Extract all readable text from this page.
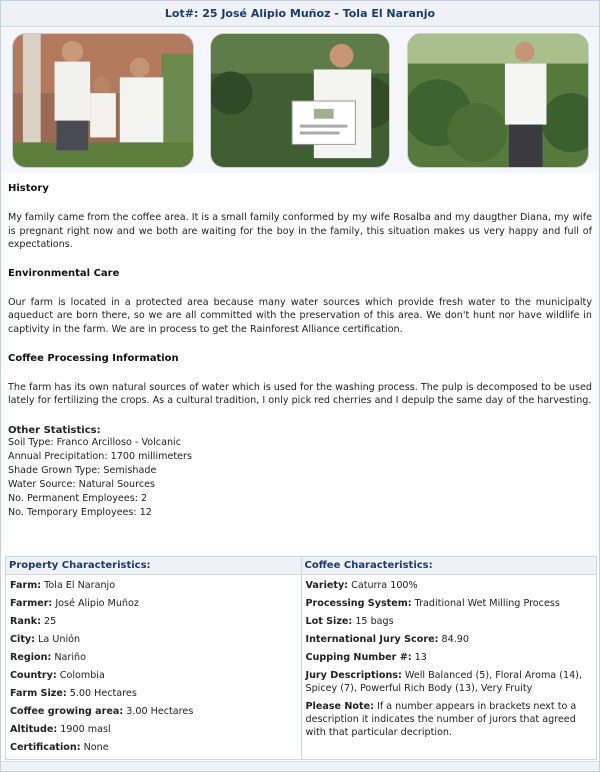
Lot#: 25 José Alipio Muñoz - Tola El Naranjo
History
My family came from the coffee area. It is a small family conformed by my wife Rosalba and my daugther Diana, my wife is pregnant right now and we both are waiting for the boy in the family, this situation makes us very happy and full of expectations.
Environmental Care
Our farm is located in a protected area because many water sources which provide fresh water to the municipalty aqueduct are born there, so we are all committed with the preservation of this area. We don't hunt nor have wildlife in captivity in the farm. We are in process to get the Rainforest Alliance certification.
Coffee Processing Information
The farm has its own natural sources of water which is used for the washing process. The pulp is decomposed to be used lately for fertilizing the crops. As a cultural tradition, I only pick red cherries and I depulp the same day of the harvesting.
Other Statistics:
Soil Type: Franco Arcilloso - Volcanic
Annual Precipitation: 1700 millimeters
Shade Grown Type: Semishade
Water Source: Natural Sources
No. Permanent Employees: 2
No. Temporary Employees: 12
Property Characteristics:
Farm: Tola El Naranjo
Farmer: José Alipio Muñoz
Rank: 25
City: La Unión
Region: Nariño
Country: Colombia
Farm Size: 5.00 Hectares
Coffee growing area: 3.00 Hectares
Altitude: 1900 masl
Certification: None
Coffee Characteristics:
Variety: Caturra 100%
Processing System: Traditional Wet Milling Process
Lot Size: 15 bags
International Jury Score: 84.90
Cupping Number #: 13
Jury Descriptions: Well Balanced (5), Floral Aroma (14), Spicey (7), Powerful Rich Body (13), Very Fruity
Please Note: If a number appears in brackets next to a description it indicates the number of jurors that agreed with that particular decription.
